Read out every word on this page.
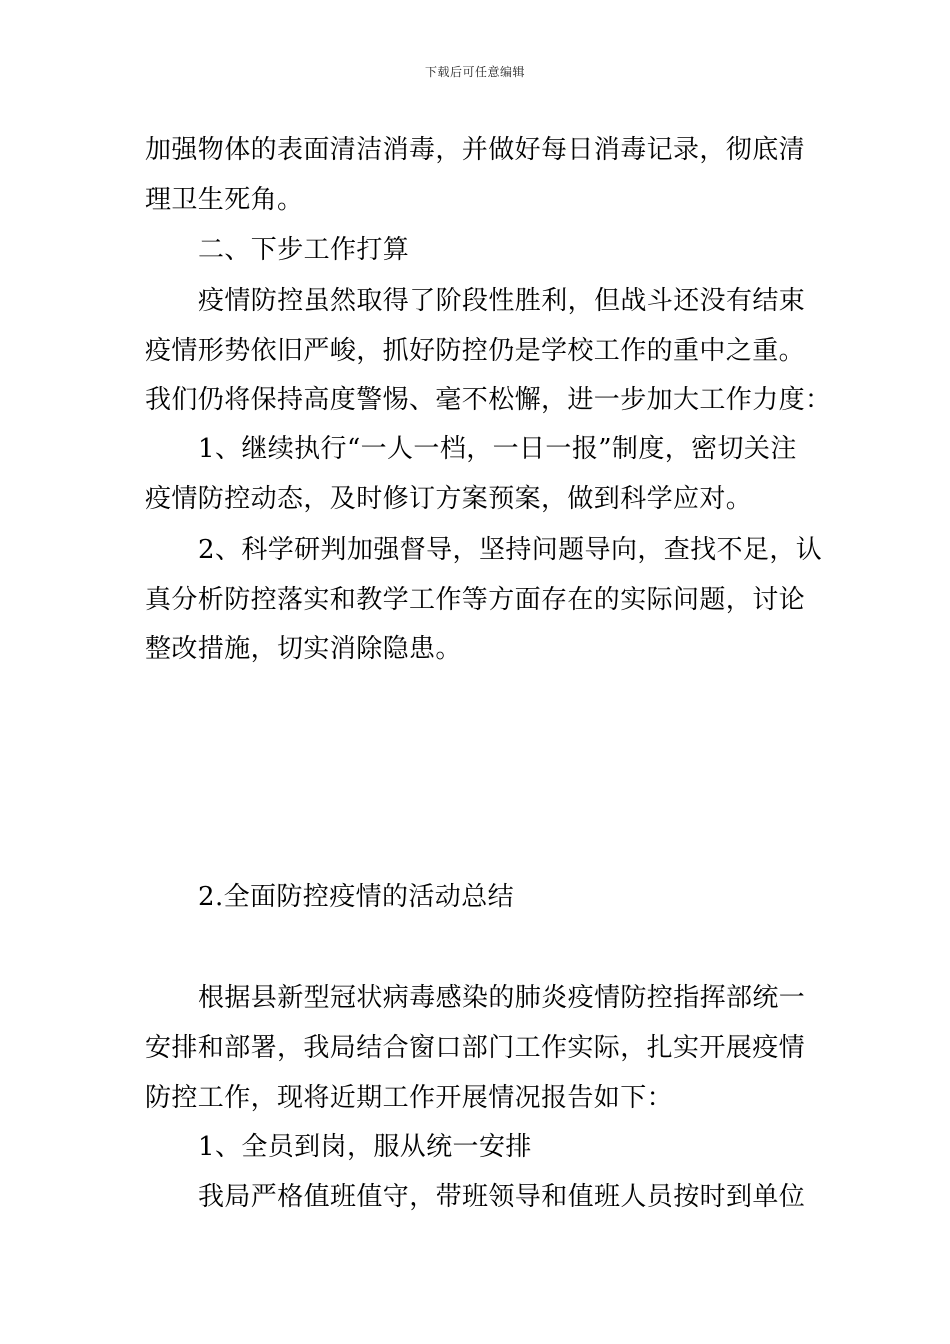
下载后可任意编辑
加强物体的表面清洁消毒，并做好每日消毒记录，彻底清
理卫生死角。
二、下步工作打算
疫情防控虽然取得了阶段性胜利，但战斗还没有结束
疫情形势依旧严峻，抓好防控仍是学校工作的重中之重。
我们仍将保持高度警惕、毫不松懈，进一步加大工作力度：
1、继续执行“一人一档，一日一报”制度，密切关注
疫情防控动态，及时修订方案预案，做到科学应对。
2、科学研判加强督导，坚持问题导向，查找不足，认
真分析防控落实和教学工作等方面存在的实际问题，讨论
整改措施，切实消除隐患。
2.全面防控疫情的活动总结
根据县新型冠状病毒感染的肺炎疫情防控指挥部统一
安排和部署，我局结合窗口部门工作实际，扎实开展疫情
防控工作，现将近期工作开展情况报告如下：
1、全员到岗，服从统一安排
我局严格值班值守，带班领导和值班人员按时到单位
